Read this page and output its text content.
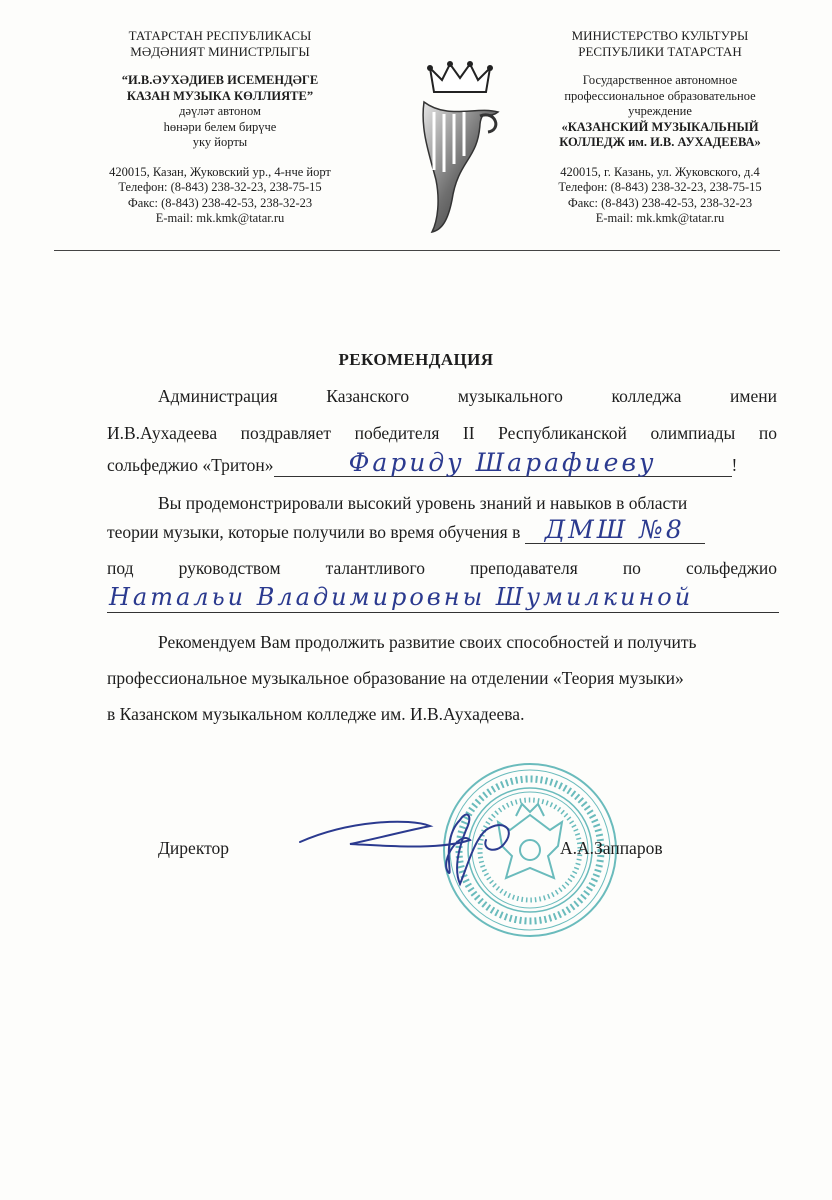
ТАТАРСТАН РЕСПУБЛИКАСЫ
МӘДӘНИЯТ МИНИСТРЛЫГЫ
“И.В.ӘУХӘДИЕВ ИСЕМЕНДӘГЕ
КАЗАН МУЗЫКА КӨЛЛИЯТЕ”
дәүләт автоном
һөнәри белем бирүче
уку йорты
420015, Казан, Жуковский ур., 4-нче йорт
Телефон: (8-843) 238-32-23, 238-75-15
Факс: (8-843) 238-42-53, 238-32-23
E-mail: mk.kmk@tatar.ru
МИНИСТЕРСТВО КУЛЬТУРЫ
РЕСПУБЛИКИ ТАТАРСТАН
Государственное автономное
профессиональное образовательное
учреждение
«КАЗАНСКИЙ МУЗЫКАЛЬНЫЙ
КОЛЛЕДЖ им. И.В. АУХАДЕЕВА»
420015, г. Казань, ул. Жуковского, д.4
Телефон: (8-843) 238-32-23, 238-75-15
Факс: (8-843) 238-42-53, 238-32-23
E-mail: mk.kmk@tatar.ru
РЕКОМЕНДАЦИЯ
Администрация	Казанского	музыкального	колледжа	имени
И.В.Аухадеева поздравляет победителя II Республиканской олимпиады по
сольфеджио «Тритон»	Фариду Шарафиеву	!
Вы продемонстрировали высокий уровень знаний и навыков в области
теории музыки, которые получили во время обучения в ДМШ №8
под	руководством	талантливого	преподавателя	по	сольфеджио
Натальи Владимировны Шумилкиной
Рекомендуем Вам продолжить развитие своих способностей и получить
профессиональное музыкальное образование на отделении «Теория музыки»
в Казанском музыкальном колледже им. И.В.Аухадеева.
Директор	А.А.Заппаров
